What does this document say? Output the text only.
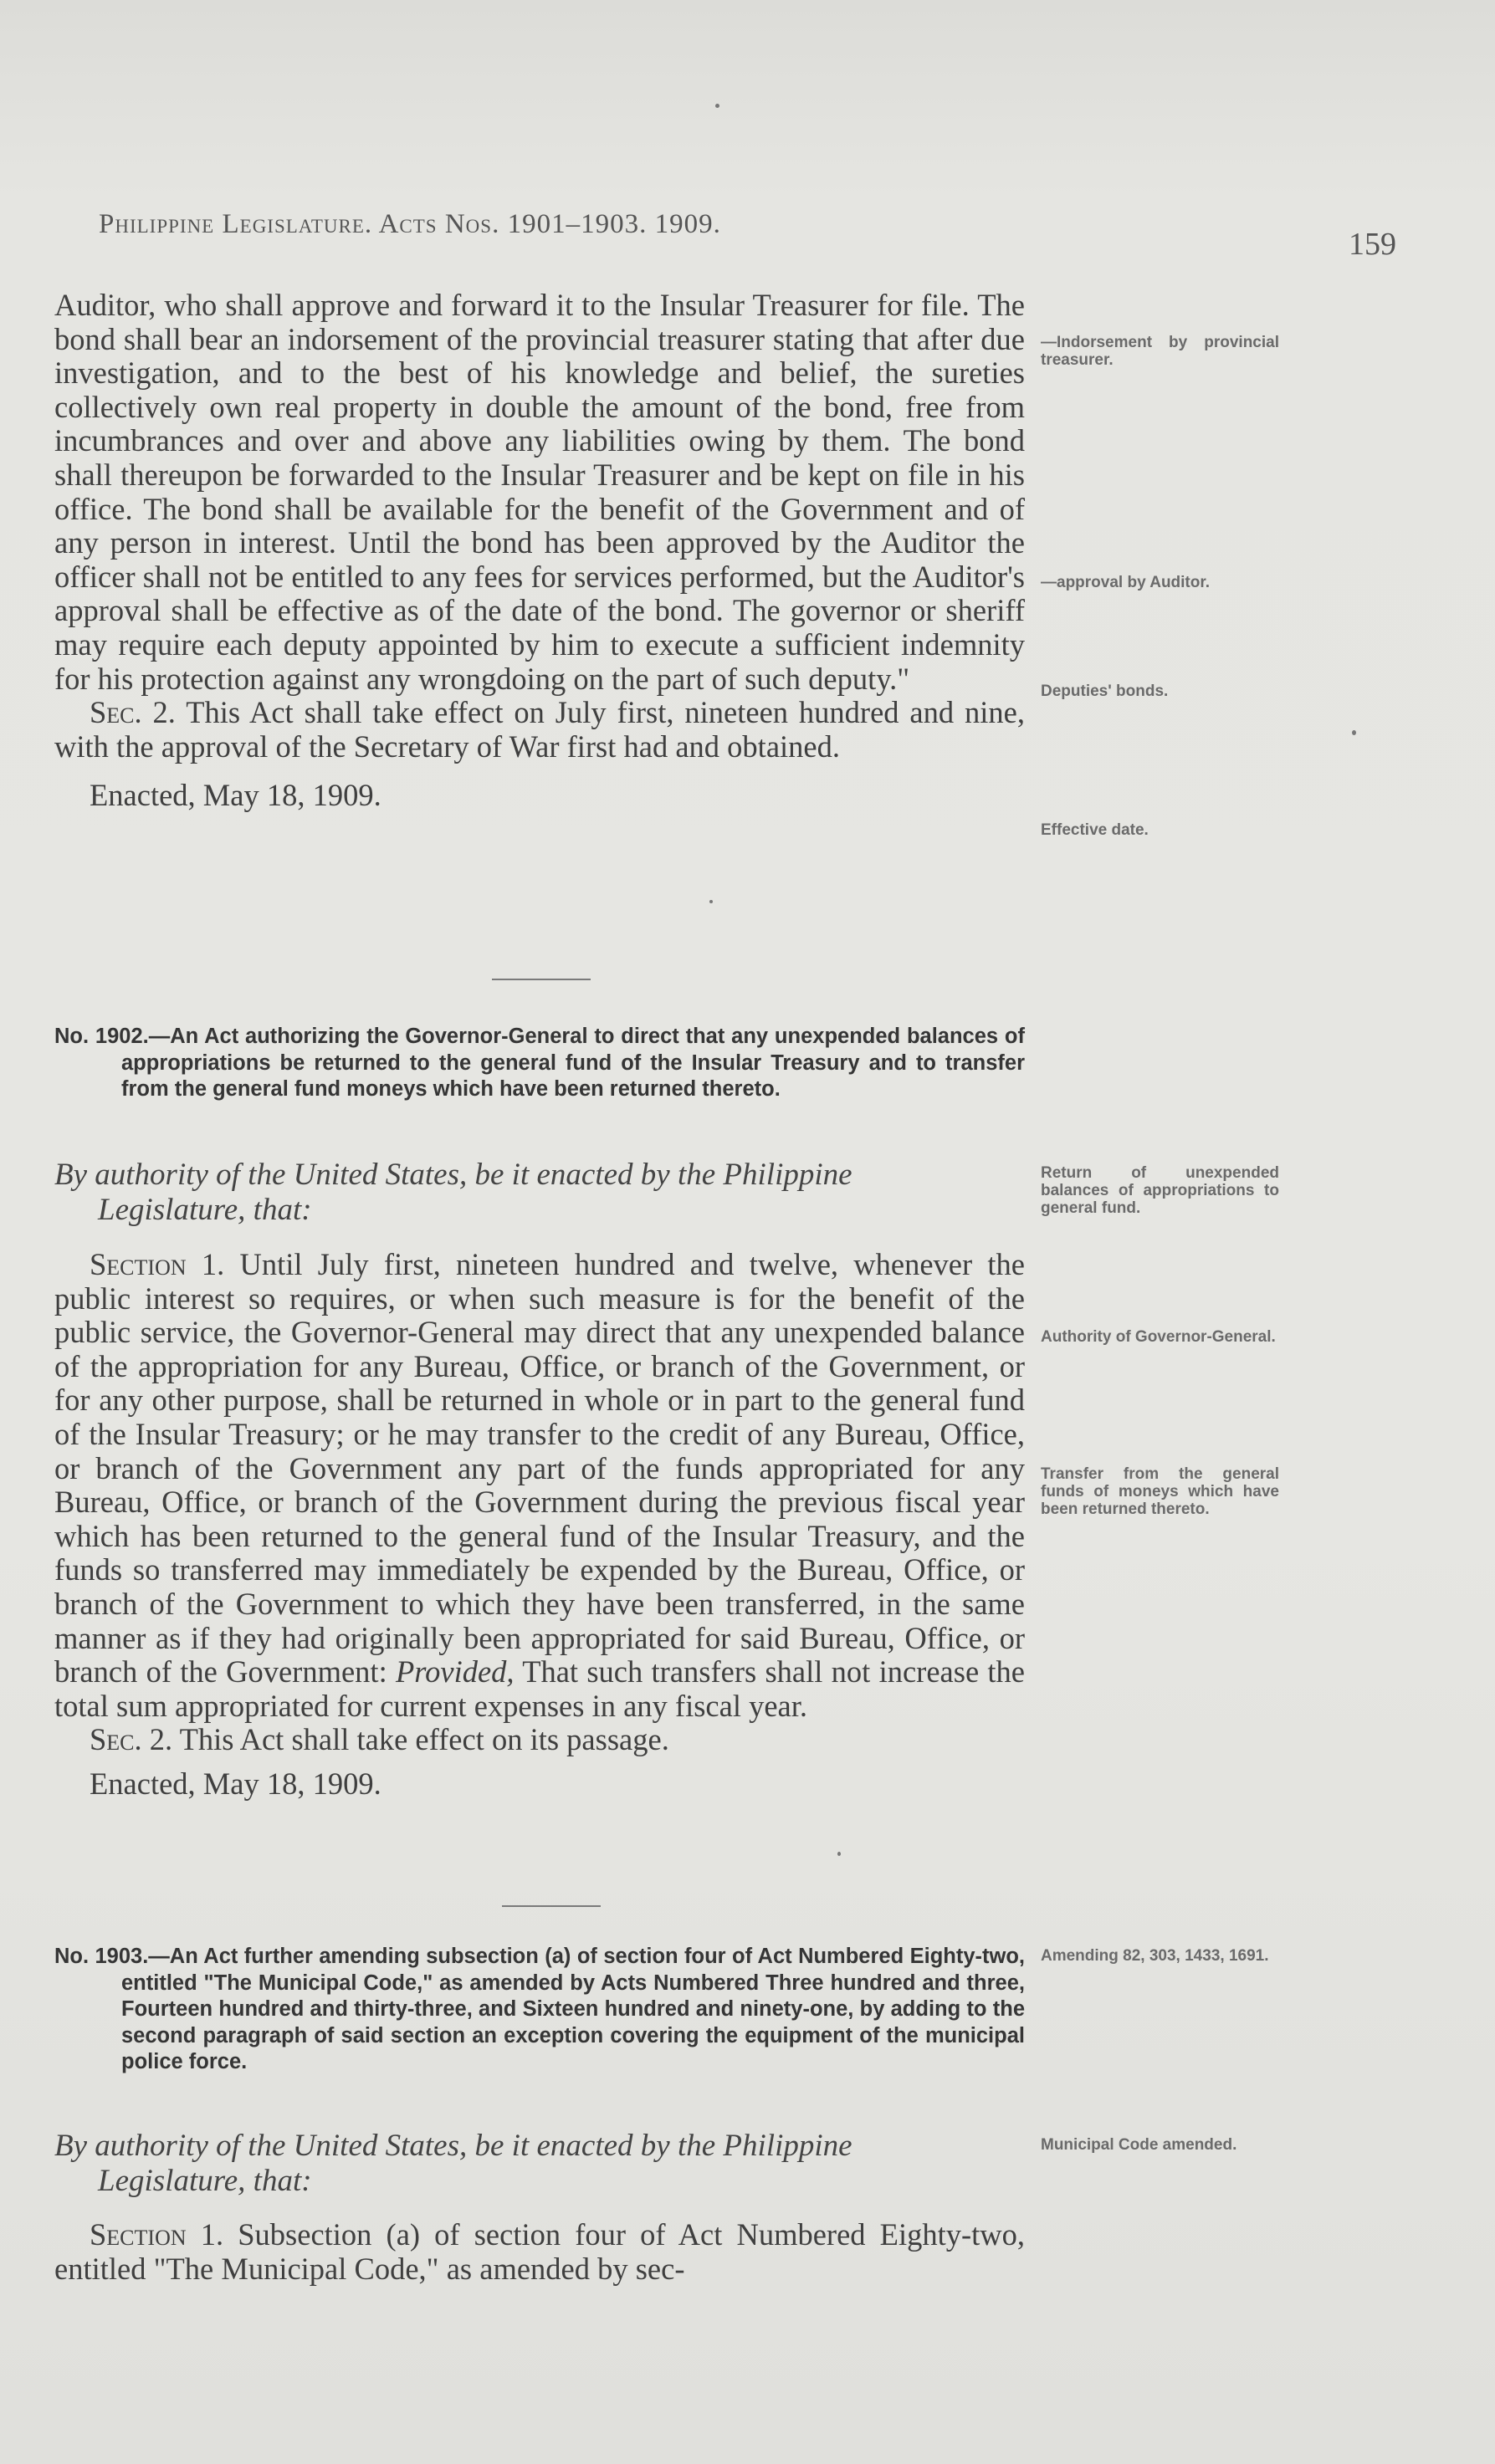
Philippine Legislature. Acts Nos. 1901–1903. 1909.
159

Auditor, who shall approve and forward it to the Insular Treasurer for file. The bond shall bear an indorsement of the provincial treasurer stating that after due investigation, and to the best of his knowledge and belief, the sureties collectively own real property in double the amount of the bond, free from incumbrances and over and above any liabilities owing by them. The bond shall thereupon be forwarded to the Insular Treasurer and be kept on file in his office. The bond shall be available for the benefit of the Government and of any person in interest. Until the bond has been approved by the Auditor the officer shall not be entitled to any fees for services performed, but the Auditor's approval shall be effective as of the date of the bond. The governor or sheriff may require each deputy appointed by him to execute a sufficient indemnity for his protection against any wrongdoing on the part of such deputy."

Sec. 2. This Act shall take effect on July first, nineteen hundred and nine, with the approval of the Secretary of War first had and obtained.

Enacted, May 18, 1909.

No. 1902.—An Act authorizing the Governor-General to direct that any unexpended balances of appropriations be returned to the general fund of the Insular Treasury and to transfer from the general fund moneys which have been returned thereto.
By authority of the United States, be it enacted by the Philippine
Legislature, that:

Section 1. Until July first, nineteen hundred and twelve, whenever the public interest so requires, or when such measure is for the benefit of the public service, the Governor-General may direct that any unexpended balance of the appropriation for any Bureau, Office, or branch of the Government, or for any other purpose, shall be returned in whole or in part to the general fund of the Insular Treasury; or he may transfer to the credit of any Bureau, Office, or branch of the Government any part of the funds appropriated for any Bureau, Office, or branch of the Government during the previous fiscal year which has been returned to the general fund of the Insular Treasury, and the funds so transferred may immediately be expended by the Bureau, Office, or branch of the Government to which they have been transferred, in the same manner as if they had originally been appropriated for said Bureau, Office, or branch of the Government: Provided, That such transfers shall not increase the total sum appropriated for current expenses in any fiscal year.

Sec. 2. This Act shall take effect on its passage.

Enacted, May 18, 1909.

No. 1903.—An Act further amending subsection (a) of section four of Act Numbered Eighty-two, entitled "The Municipal Code," as amended by Acts Numbered Three hundred and three, Fourteen hundred and thirty-three, and Sixteen hundred and ninety-one, by adding to the second paragraph of said section an exception covering the equipment of the municipal police force.
By authority of the United States, be it enacted by the Philippine
Legislature, that:

Section 1. Subsection (a) of section four of Act Numbered Eighty-two, entitled "The Municipal Code," as amended by sec-

—Indorsement by provincial treasurer.
—approval by Auditor.
Deputies' bonds.
Effective date.
Return of unexpended balances of appropriations to general fund.
Authority of Governor-General.
Transfer from the general funds of moneys which have been returned thereto.
Amending 82, 303, 1433, 1691.
Municipal Code amended.
